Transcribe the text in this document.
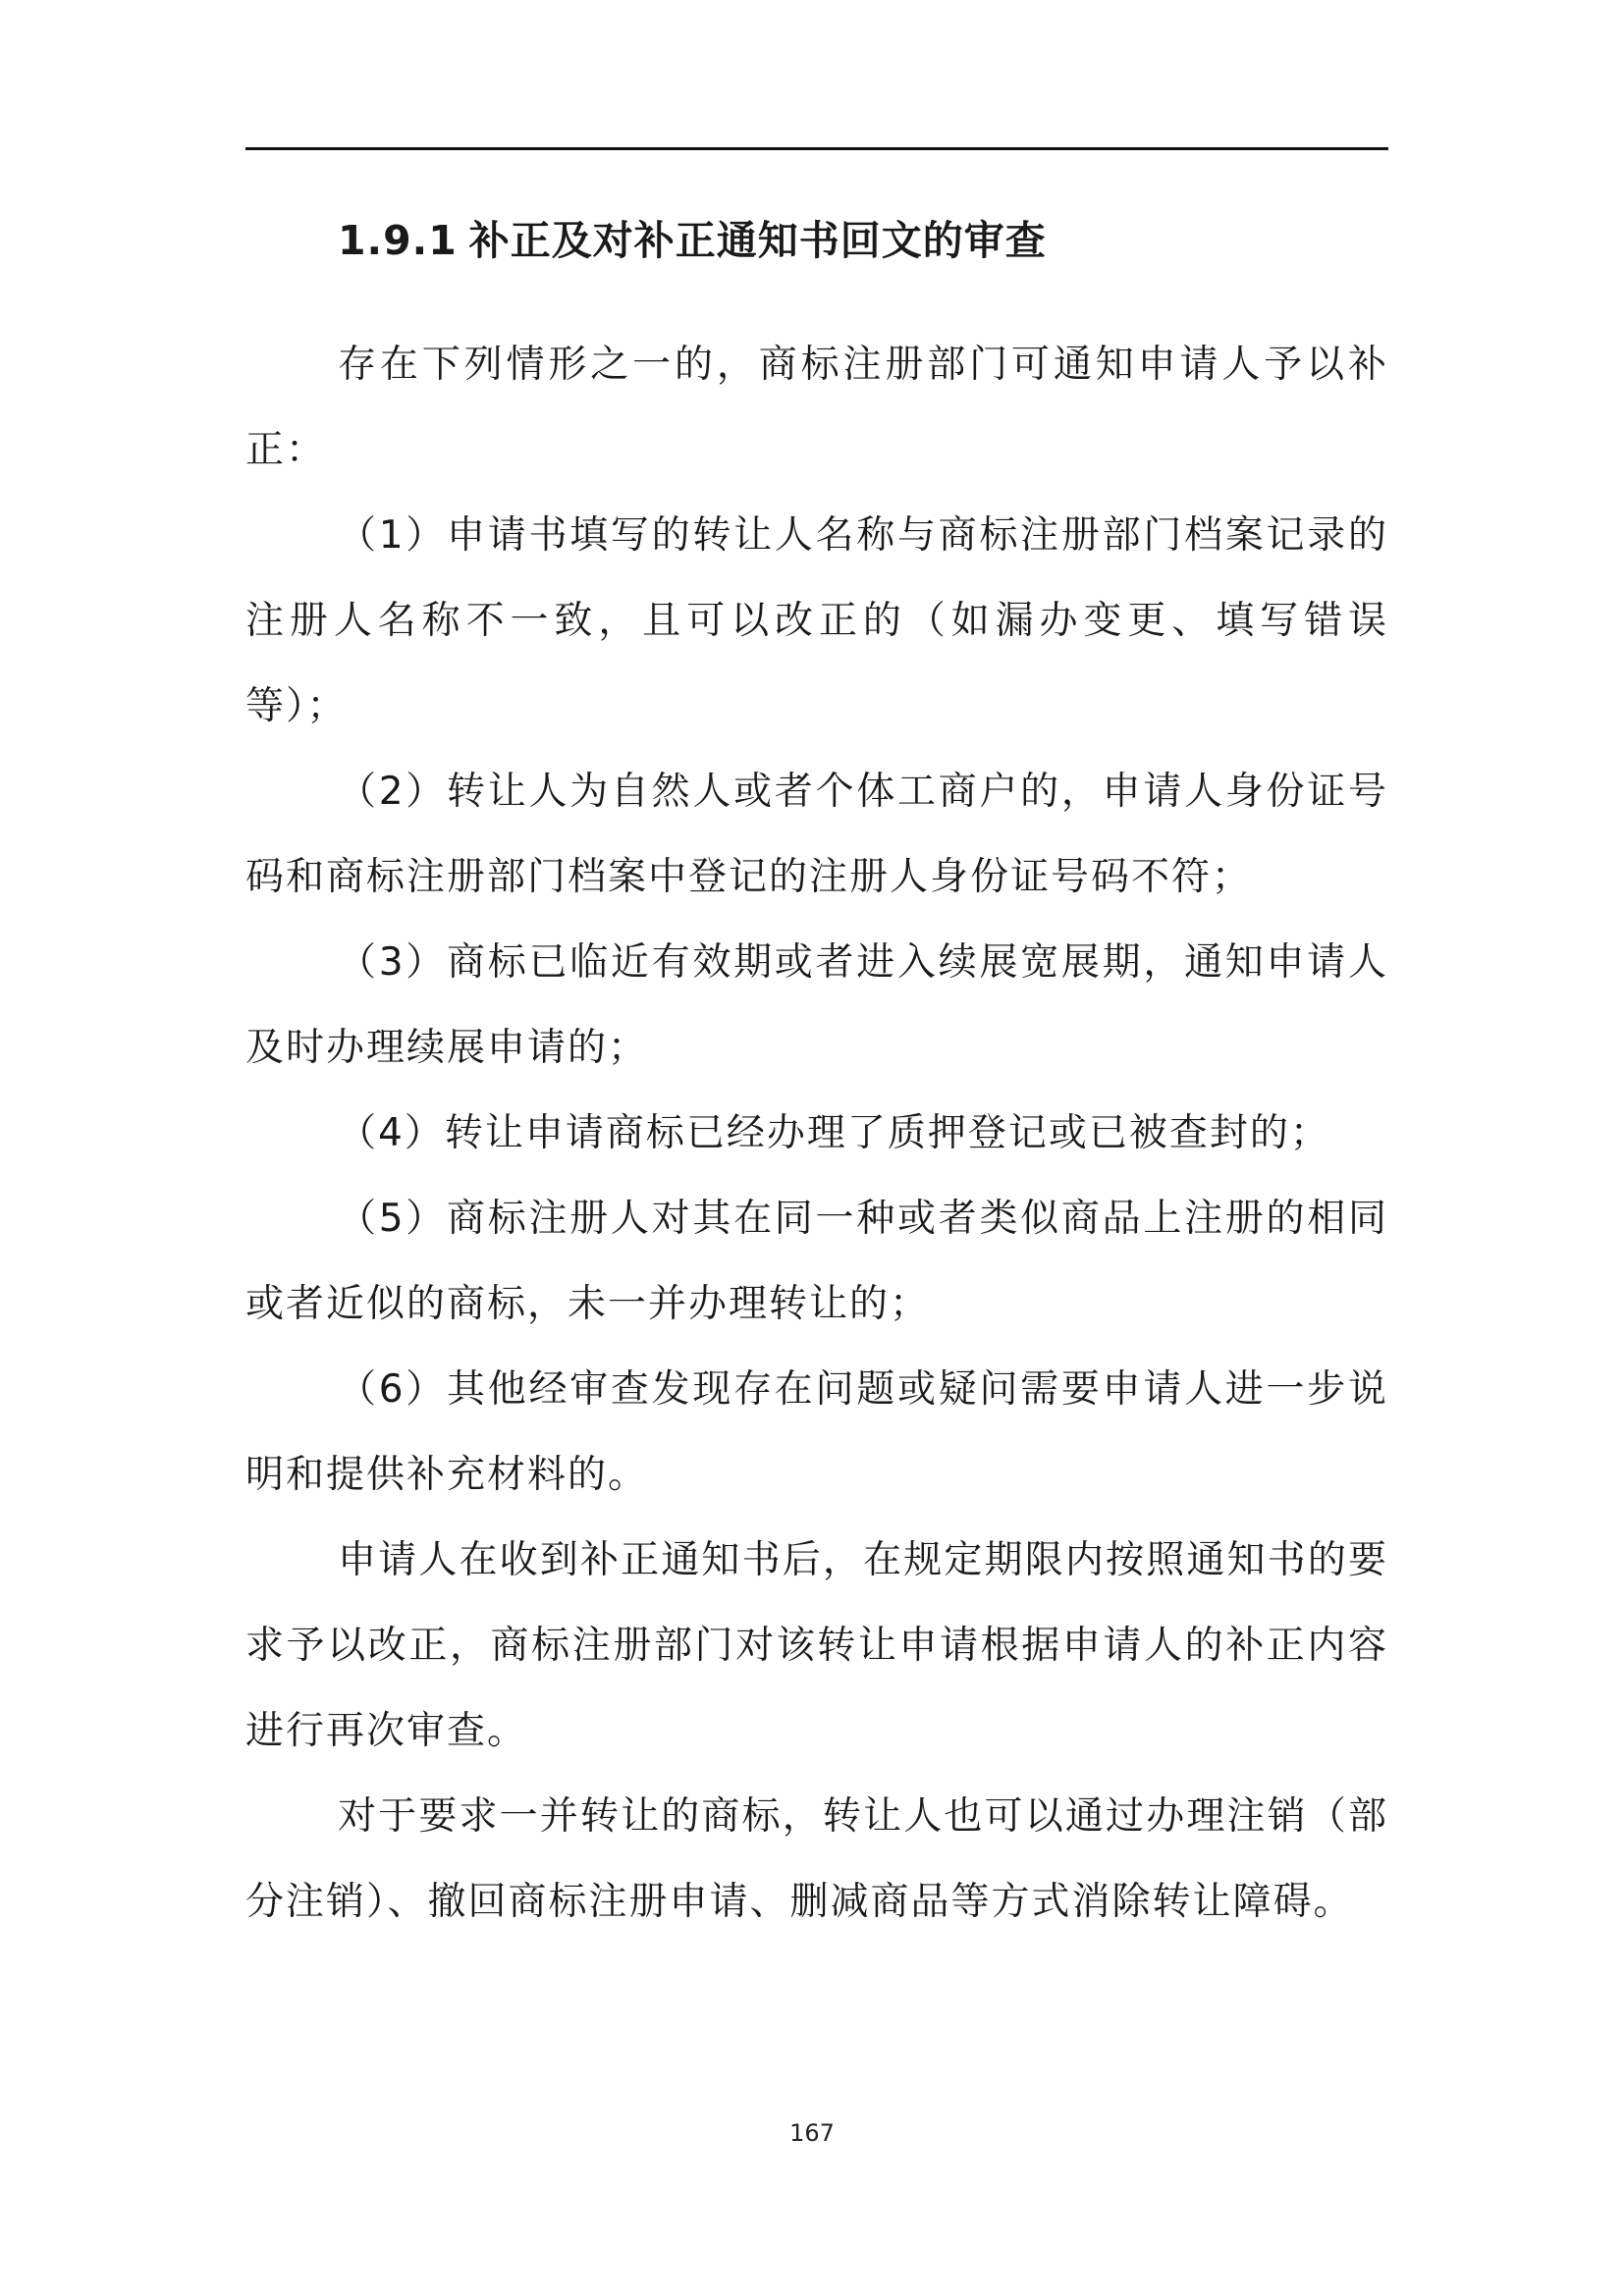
1.9.1 补正及对补正通知书回文的审查

存在下列情形之一的，商标注册部门可通知申请人予以补正：

（1）申请书填写的转让人名称与商标注册部门档案记录的注册人名称不一致，且可以改正的（如漏办变更、填写错误等）；

（2）转让人为自然人或者个体工商户的，申请人身份证号码和商标注册部门档案中登记的注册人身份证号码不符；

（3）商标已临近有效期或者进入续展宽展期，通知申请人及时办理续展申请的；

（4）转让申请商标已经办理了质押登记或已被查封的；

（5）商标注册人对其在同一种或者类似商品上注册的相同或者近似的商标，未一并办理转让的；

（6）其他经审查发现存在问题或疑问需要申请人进一步说明和提供补充材料的。

申请人在收到补正通知书后，在规定期限内按照通知书的要求予以改正，商标注册部门对该转让申请根据申请人的补正内容进行再次审查。

对于要求一并转让的商标，转让人也可以通过办理注销（部分注销）、撤回商标注册申请、删减商品等方式消除转让障碍。

167
